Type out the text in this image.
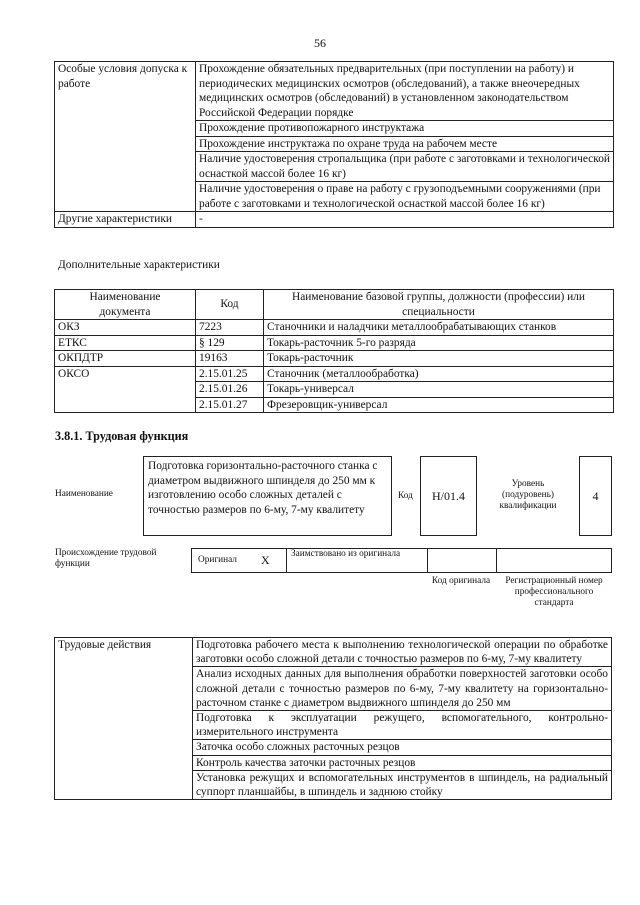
56
Особые условия допуска к работе	Прохождение обязательных предварительных (при поступлении на работу) и периодических медицинских осмотров (обследований), а также внеочередных медицинских осмотров (обследований) в установленном законодательством Российской Федерации порядке
	Прохождение противопожарного инструктажа
	Прохождение инструктажа по охране труда на рабочем месте
	Наличие удостоверения стропальщика (при работе с заготовками и технологической оснасткой массой более 16 кг)
	Наличие удостоверения о праве на работу с грузоподъемными сооружениями (при работе с заготовками и технологической оснасткой массой более 16 кг)
Другие характеристики	-
Дополнительные характеристики
Наименование документа	Код	Наименование базовой группы, должности (профессии) или специальности
ОКЗ	7223	Станочники и наладчики металлообрабатывающих станков
ЕТКС	§ 129	Токарь-расточник 5-го разряда
ОКПДТР	19163	Токарь-расточник
ОКСО	2.15.01.25	Станочник (металлообработка)
	2.15.01.26	Токарь-универсал
	2.15.01.27	Фрезеровщик-универсал
3.8.1. Трудовая функция
Наименование
Подготовка горизонтально-расточного станка с диаметром выдвижного шпинделя до 250 мм к изготовлению особо сложных деталей с точностью размеров по 6-му, 7-му квалитету
Код H/01.4
Уровень (подуровень) квалификации
4
Происхождение трудовой функции	Оригинал X Заимствовано из оригинала
Код оригинала	Регистрационный номер профессионального стандарта
Трудовые действия	Подготовка рабочего места к выполнению технологической операции по обработке заготовки особо сложной детали с точностью размеров по 6-му, 7-му квалитету
Анализ исходных данных для выполнения обработки поверхностей заготовки особо сложной детали с точностью размеров по 6-му, 7-му квалитету на горизонтально-расточном станке с диаметром выдвижного шпинделя до 250 мм
Подготовка к эксплуатации режущего, вспомогательного, контрольно-измерительного инструмента
Заточка особо сложных расточных резцов
Контроль качества заточки расточных резцов
Установка режущих и вспомогательных инструментов в шпиндель, на радиальный суппорт планшайбы, в шпиндель и заднюю стойку
